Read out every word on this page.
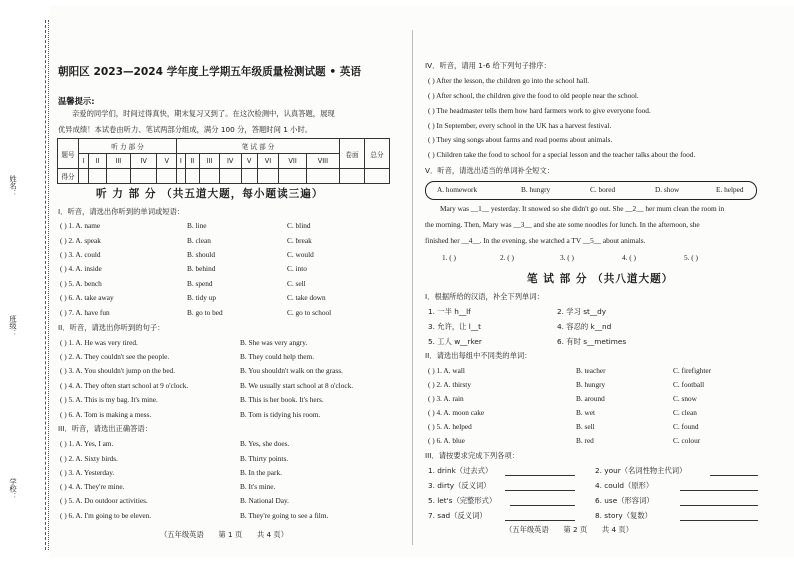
姓名：
班级：
学校：
朝阳区 2023—2024 学年度上学期五年级质量检测试题 • 英语
温馨提示:
亲爱的同学们，时间过得真快，期末复习又到了。在这次检测中，认真答题，展现
优异成绩！本试卷由听力、笔试两部分组成，满分 100 分，答题时间 1 小时。
题号	听 力 部 分					笔 试 部 分								卷面	总分
	I	II	III	IV	V	I	II	III	IV	V	VI	VII	VIII		
得分															
听 力 部 分 （共五道大题，每小题读三遍）
I．听音，请选出你听到的单词或短语：
( ) 1. A. name	B. line	C. blind
( ) 2. A. speak	B. clean	C. break
( ) 3. A. could	B. should	C. would
( ) 4. A. inside	B. behind	C. into
( ) 5. A. bench	B. spend	C. sell
( ) 6. A. take away	B. tidy up	C. take down
( ) 7. A. have fun	B. go to bed	C. go to school
II．听音，请选出你听到的句子：
( ) 1. A. He was very tired.	B. She was very angry.
( ) 2. A. They couldn't see the people.	B. They could help them.
( ) 3. A. You shouldn't jump on the bed.	B. You shouldn't walk on the grass.
( ) 4. A. They often start school at 9 o'clock.	B. We usually start school at 8 o'clock.
( ) 5. A. This is my bag. It's mine.	B. This is her book. It's hers.
( ) 6. A. Tom is making a mess.	B. Tom is tidying his room.
III．听音，请选出正确答语：
( ) 1. A. Yes, I am.	B. Yes, she does.
( ) 2. A. Sixty birds.	B. Thirty points.
( ) 3. A. Yesterday.	B. In the park.
( ) 4. A. They're mine.	B. It's mine.
( ) 5. A. Do outdoor activities.	B. National Day.
( ) 6. A. I'm going to be eleven.	B. They're going to see a film.
（五年级英语　　第 1 页　　共 4 页）
IV．听音，请用 1-6 给下列句子排序：
( ) After the lesson, the children go into the school hall.
( ) After school, the children give the food to old people near the school.
( ) The headmaster tells them how hard farmers work to give everyone food.
( ) In September, every school in the UK has a harvest festival.
( ) They sing songs about farms and read poems about animals.
( ) Children take the food to school for a special lesson and the teacher talks about the food.
V．听音，请选出适当的单词补全短文：
A. homework	B. hungry	C. bored	D. show	E. helped
Mary was __1__ yesterday. It snowed so she didn't go out. She __2__ her mum clean the room in
the morning. Then, Mary was __3__ and she ate some noodles for lunch. In the afternoon, she
finished her __4__. In the evening, she watched a TV __5__ about animals.
1. ( )	2. ( )	3. ( )	4. ( )	5. ( )
笔 试 部 分 （共八道大题）
I．根据所给的汉语，补全下列单词：
1. 一半 h__lf	2. 学习 st__dy
3. 允许，让 l__t	4. 容忍的 k__nd
5. 工人 w__rker	6. 有时 s__metimes
II．请选出每组中不同类的单词：
( ) 1. A. wall	B. teacher	C. firefighter
( ) 2. A. thirsty	B. hungry	C. football
( ) 3. A. rain	B. around	C. snow
( ) 4. A. moon cake	B. wet	C. clean
( ) 5. A. helped	B. sell	C. found
( ) 6. A. blue	B. red	C. colour
III．请按要求完成下列各项：
1. drink（过去式）	2. your（名词性物主代词）
3. dirty（反义词）	4. could（原形）
5. let's（完整形式）	6. use（形容词）
7. sad（反义词）	8. story（复数）
（五年级英语　　第 2 页　　共 4 页）
